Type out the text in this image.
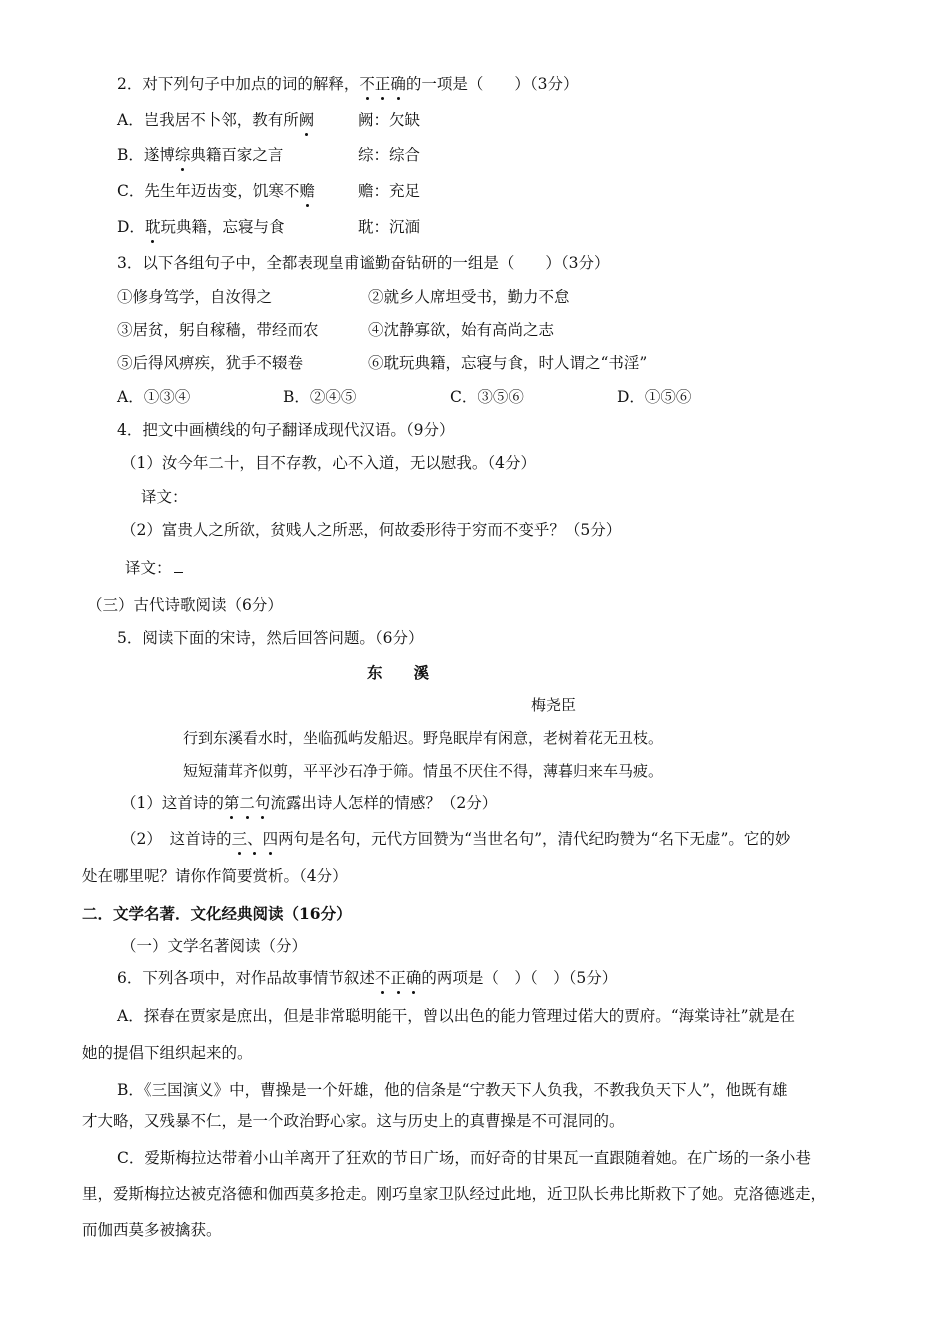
2．对下列句子中加点的词的解释，不正确的一项是（　　）（3分）
A．岂我居不卜邻，教有所阙	阙：欠缺
B．遂博综典籍百家之言	综：综合
C．先生年迈齿变，饥寒不赡	赡：充足
D．耽玩典籍，忘寝与食	耽：沉湎
3．以下各组句子中，全都表现皇甫谧勤奋钻研的一组是（　　）（3分）
①修身笃学，自汝得之	②就乡人席坦受书，勤力不怠
③居贫，躬自稼穑，带经而农	④沈静寡欲，始有高尚之志
⑤后得风痹疾，犹手不辍卷	⑥耽玩典籍，忘寝与食，时人谓之“书淫”
A．①③④	B．②④⑤	C．③⑤⑥	D．①⑤⑥
4．把文中画横线的句子翻译成现代汉语。（9分）
（1）汝今年二十，目不存教，心不入道，无以慰我。（4分）
译文：
（2）富贵人之所欲，贫贱人之所恶，何故委形待于穷而不变乎？（5分）
译文：
（三）古代诗歌阅读（6分）
5．阅读下面的宋诗，然后回答问题。（6分）
东　　溪
梅尧臣
行到东溪看水时，坐临孤屿发船迟。野凫眠岸有闲意，老树着花无丑枝。
短短蒲茸齐似剪，平平沙石净于筛。情虽不厌住不得，薄暮归来车马疲。
（1）这首诗的第二句流露出诗人怎样的情感？（2分）
（2）　这首诗的三、四两句是名句，元代方回赞为“当世名句”，清代纪昀赞为“名下无虚”。它的妙
处在哪里呢？请你作简要赏析。（4分）
二．文学名著．文化经典阅读（16分）
（一）文学名著阅读（分）
6．下列各项中，对作品故事情节叙述不正确的两项是（　）（　）（5分）
A．探春在贾家是庶出，但是非常聪明能干，曾以出色的能力管理过偌大的贾府。“海棠诗社”就是在
她的提倡下组织起来的。
B．《三国演义》中，曹操是一个奸雄，他的信条是“宁教天下人负我，不教我负天下人”，他既有雄
才大略，又残暴不仁，是一个政治野心家。这与历史上的真曹操是不可混同的。
C．爱斯梅拉达带着小山羊离开了狂欢的节日广场，而好奇的甘果瓦一直跟随着她。在广场的一条小巷
里，爱斯梅拉达被克洛德和伽西莫多抢走。刚巧皇家卫队经过此地，近卫队长弗比斯救下了她。克洛德逃走，
而伽西莫多被擒获。
